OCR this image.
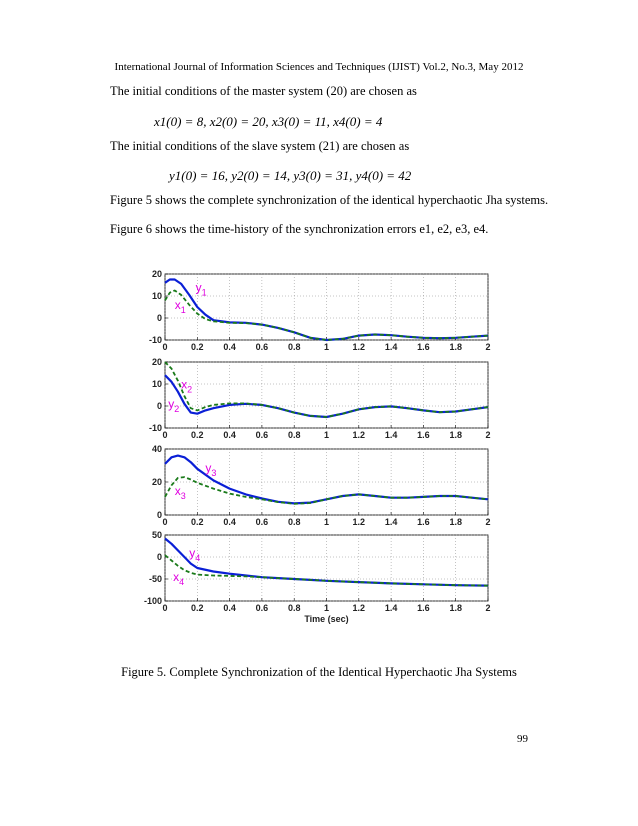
International Journal of Information Sciences and Techniques (IJIST) Vol.2, No.3, May 2012
The initial conditions of the master system (20) are chosen as
x1(0) = 8, x2(0) = 20, x3(0) = 11, x4(0) = 4
The initial conditions of the slave system (21) are chosen as
y1(0) = 16, y2(0) = 14, y3(0) = 31, y4(0) = 42
Figure 5 shows the complete synchronization of the identical hyperchaotic Jha systems.
Figure 6 shows the time-history of the synchronization errors e1, e2, e3, e4.
0	0.2 0.4 0.6 0.8	1	1.2 1.4 1.6 1.8	2
-10
0
10
20
$y_1$
$x_1$
0	0.2 0.4 0.6 0.8	1	1.2 1.4 1.6 1.8	2
-10
0
10
20
$x_2$
$y_2$
0	0.2 0.4 0.6 0.8	1	1.2 1.4 1.6 1.8	2
0
20
40
$y_3$
$x_3$
0	0.2 0.4 0.6 0.8	1	1.2 1.4 1.6 1.8	2
-100
-50
0
50
$y_4$
$x_4$
Time (sec)
Figure 5. Complete Synchronization of the Identical Hyperchaotic Jha Systems
99
